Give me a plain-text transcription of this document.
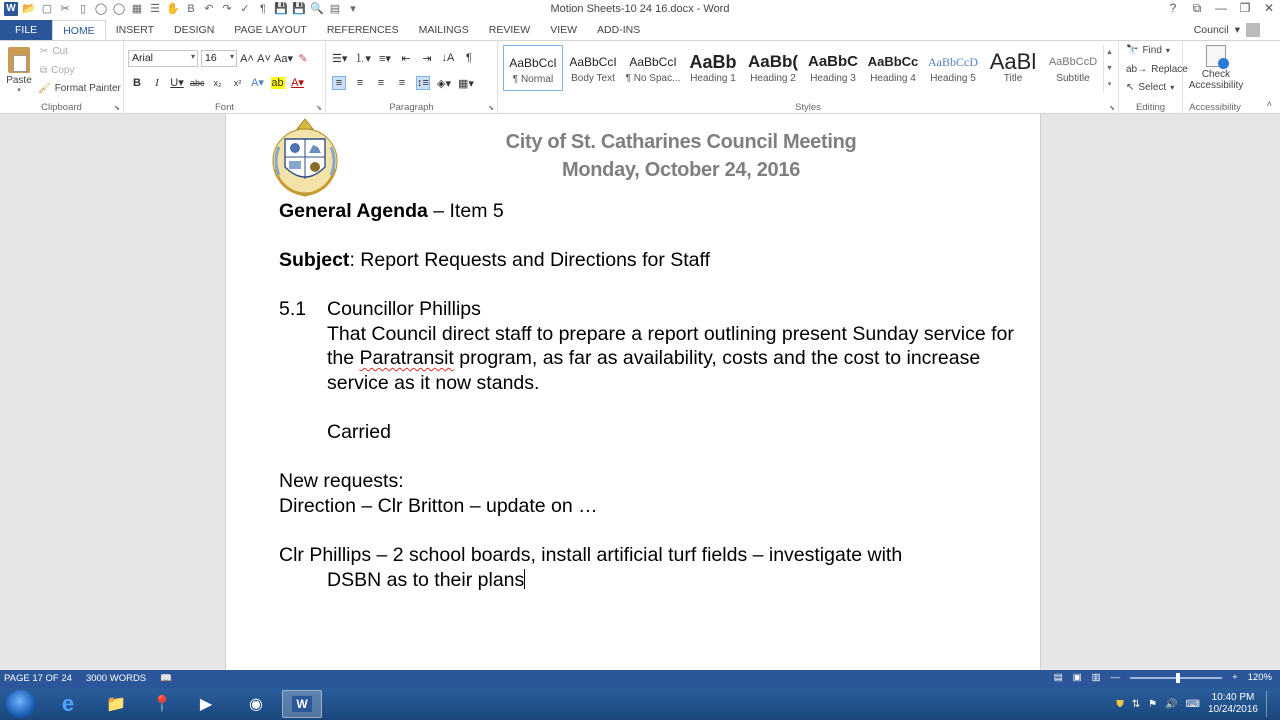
W 📂 ▢ ✂ ▯ ◯ ◯ ▦ ☰ ✋ B ↶ ↷ ✓ ¶ 💾 💾 🔍 ▤ ▾	Motion Sheets-10 24 16.docx - Word	?	⧉ — ❐ ✕
FILE	HOME	INSERT	DESIGN	PAGE LAYOUT	REFERENCES	MAILINGS	REVIEW	VIEW	ADD-INS	Council ▾
Paste
▾
✂ Cut
⧉ Copy
🖌 Format Painter
Clipboard	⬊
Arial ▾	16 ▾	A˄ A˅ Aa▾ ✎
B	I	U▾ abc	x₂	x² A▾ ab A▾
Font	⬊
☰▾ ⒈▾ ≡▾ ⇤ ⇥ ↓A	¶
≡	≡	≡	≡	↕≡ ◈▾ ▦▾
Paragraph	⬊	Styles	⬊
AaBbCcI
¶ Normal
AaBbCcI
Body Text
AaBbCcI
¶ No Spac...
AaBb
Heading 1
AaBb(
Heading 2
AaBbC
Heading 3
AaBbCc
Heading 4
AaBbCcD
Heading 5
AaBl
Title
AaBbCcD
Subtitle
▲
▼
▾
Editing
🔭 Find ▾
ab→ Replace
↖ Select ▾
Accessibility
Check Accessibility
˄
City of St. Catharines Council Meeting
Monday, October 24, 2016
General Agenda – Item 5
Subject: Report Requests and Directions for Staff
5.1	Councillor Phillips
That Council direct staff to prepare a report outlining present Sunday service for the Paratransit program, as far as availability, costs and the cost to increase service as it now stands.
Carried
New requests:
Direction – Clr Britton – update on …
Clr Phillips – 2 school boards, install artificial turf fields – investigate with
DSBN as to their plans
PAGE 17 OF 24 3000 WORDS 📖	▤ ▣ ▥ —	+ 120%
e	📁	📍	▶	◉	W	⛊ ⇅ ⚑ 🔊 ⌨
10:40 PM
10/24/2016
